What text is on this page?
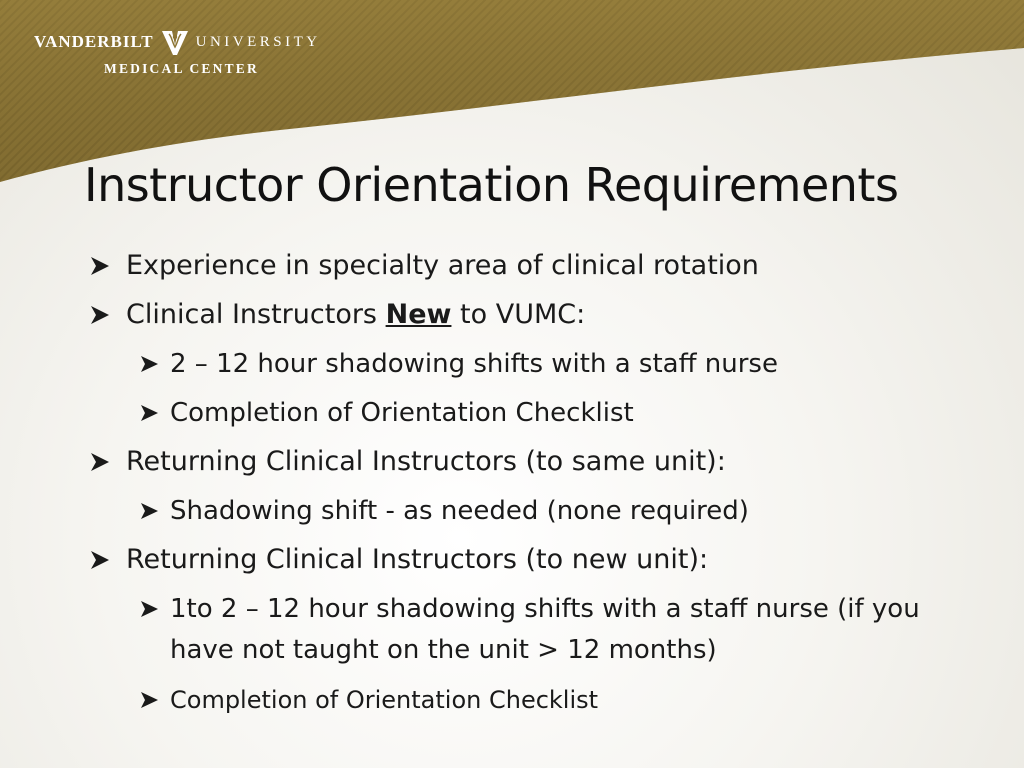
VANDERBILT	UNIVERSITY
MEDICAL CENTER
Instructor Orientation Requirements
Experience in specialty area of clinical rotation
Clinical Instructors New to VUMC:
2 – 12 hour shadowing shifts with a staff nurse
Completion of Orientation Checklist
Returning Clinical Instructors (to same unit):
Shadowing shift - as needed (none required)
Returning Clinical Instructors (to new unit):
1to 2 – 12 hour shadowing shifts with a staff nurse (if you have not taught on the unit > 12 months)
Completion of Orientation Checklist
